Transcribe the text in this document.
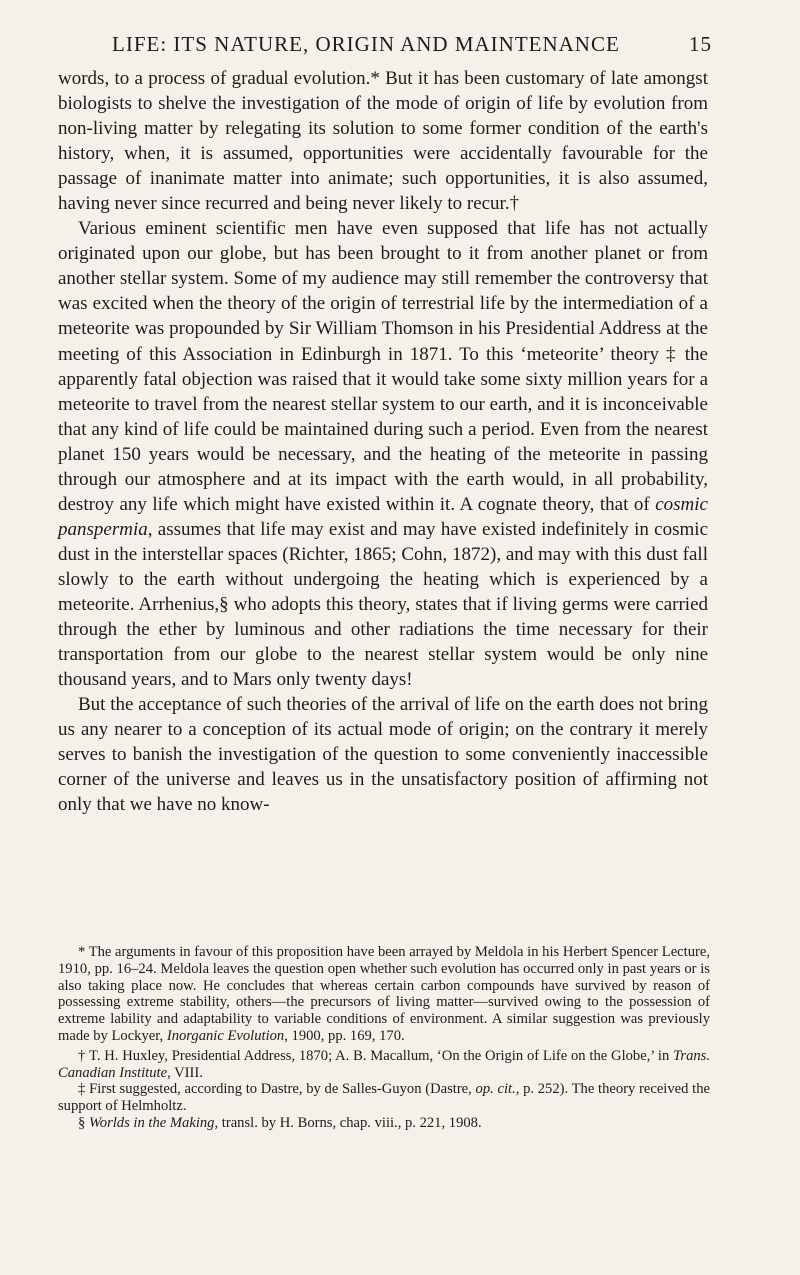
LIFE: ITS NATURE, ORIGIN AND MAINTENANCE	15

words, to a process of gradual evolution.* But it has been customary of late amongst biologists to shelve the investigation of the mode of origin of life by evolution from non-living matter by relegating its solution to some former condition of the earth's history, when, it is assumed, opportunities were accidentally favourable for the passage of inanimate matter into animate; such opportunities, it is also assumed, having never since recurred and being never likely to recur.†

Various eminent scientific men have even supposed that life has not actually originated upon our globe, but has been brought to it from another planet or from another stellar system. Some of my audience may still remember the controversy that was excited when the theory of the origin of terrestrial life by the intermediation of a meteorite was propounded by Sir William Thomson in his Presidential Address at the meeting of this Association in Edinburgh in 1871. To this ‘meteorite’ theory ‡ the apparently fatal objection was raised that it would take some sixty million years for a meteorite to travel from the nearest stellar system to our earth, and it is inconceivable that any kind of life could be maintained during such a period. Even from the nearest planet 150 years would be necessary, and the heating of the meteorite in passing through our atmosphere and at its impact with the earth would, in all probability, destroy any life which might have existed within it. A cognate theory, that of cosmic panspermia, assumes that life may exist and may have existed indefinitely in cosmic dust in the interstellar spaces (Richter, 1865; Cohn, 1872), and may with this dust fall slowly to the earth without undergoing the heating which is experienced by a meteorite. Arrhenius,§ who adopts this theory, states that if living germs were carried through the ether by luminous and other radiations the time necessary for their transportation from our globe to the nearest stellar system would be only nine thousand years, and to Mars only twenty days!

But the acceptance of such theories of the arrival of life on the earth does not bring us any nearer to a conception of its actual mode of origin; on the contrary it merely serves to banish the investigation of the question to some conveniently inaccessible corner of the universe and leaves us in the unsatisfactory position of affirming not only that we have no know-

* The arguments in favour of this proposition have been arrayed by Meldola in his Herbert Spencer Lecture, 1910, pp. 16–24. Meldola leaves the question open whether such evolution has occurred only in past years or is also taking place now. He concludes that whereas certain carbon compounds have survived by reason of possessing extreme stability, others—the precursors of living matter—survived owing to the possession of extreme lability and adaptability to variable conditions of environment. A similar suggestion was previously made by Lockyer, Inorganic Evolution, 1900, pp. 169, 170.

† T. H. Huxley, Presidential Address, 1870; A. B. Macallum, ‘On the Origin of Life on the Globe,’ in Trans. Canadian Institute, VIII.

‡ First suggested, according to Dastre, by de Salles-Guyon (Dastre, op. cit., p. 252). The theory received the support of Helmholtz.

§ Worlds in the Making, transl. by H. Borns, chap. viii., p. 221, 1908.
